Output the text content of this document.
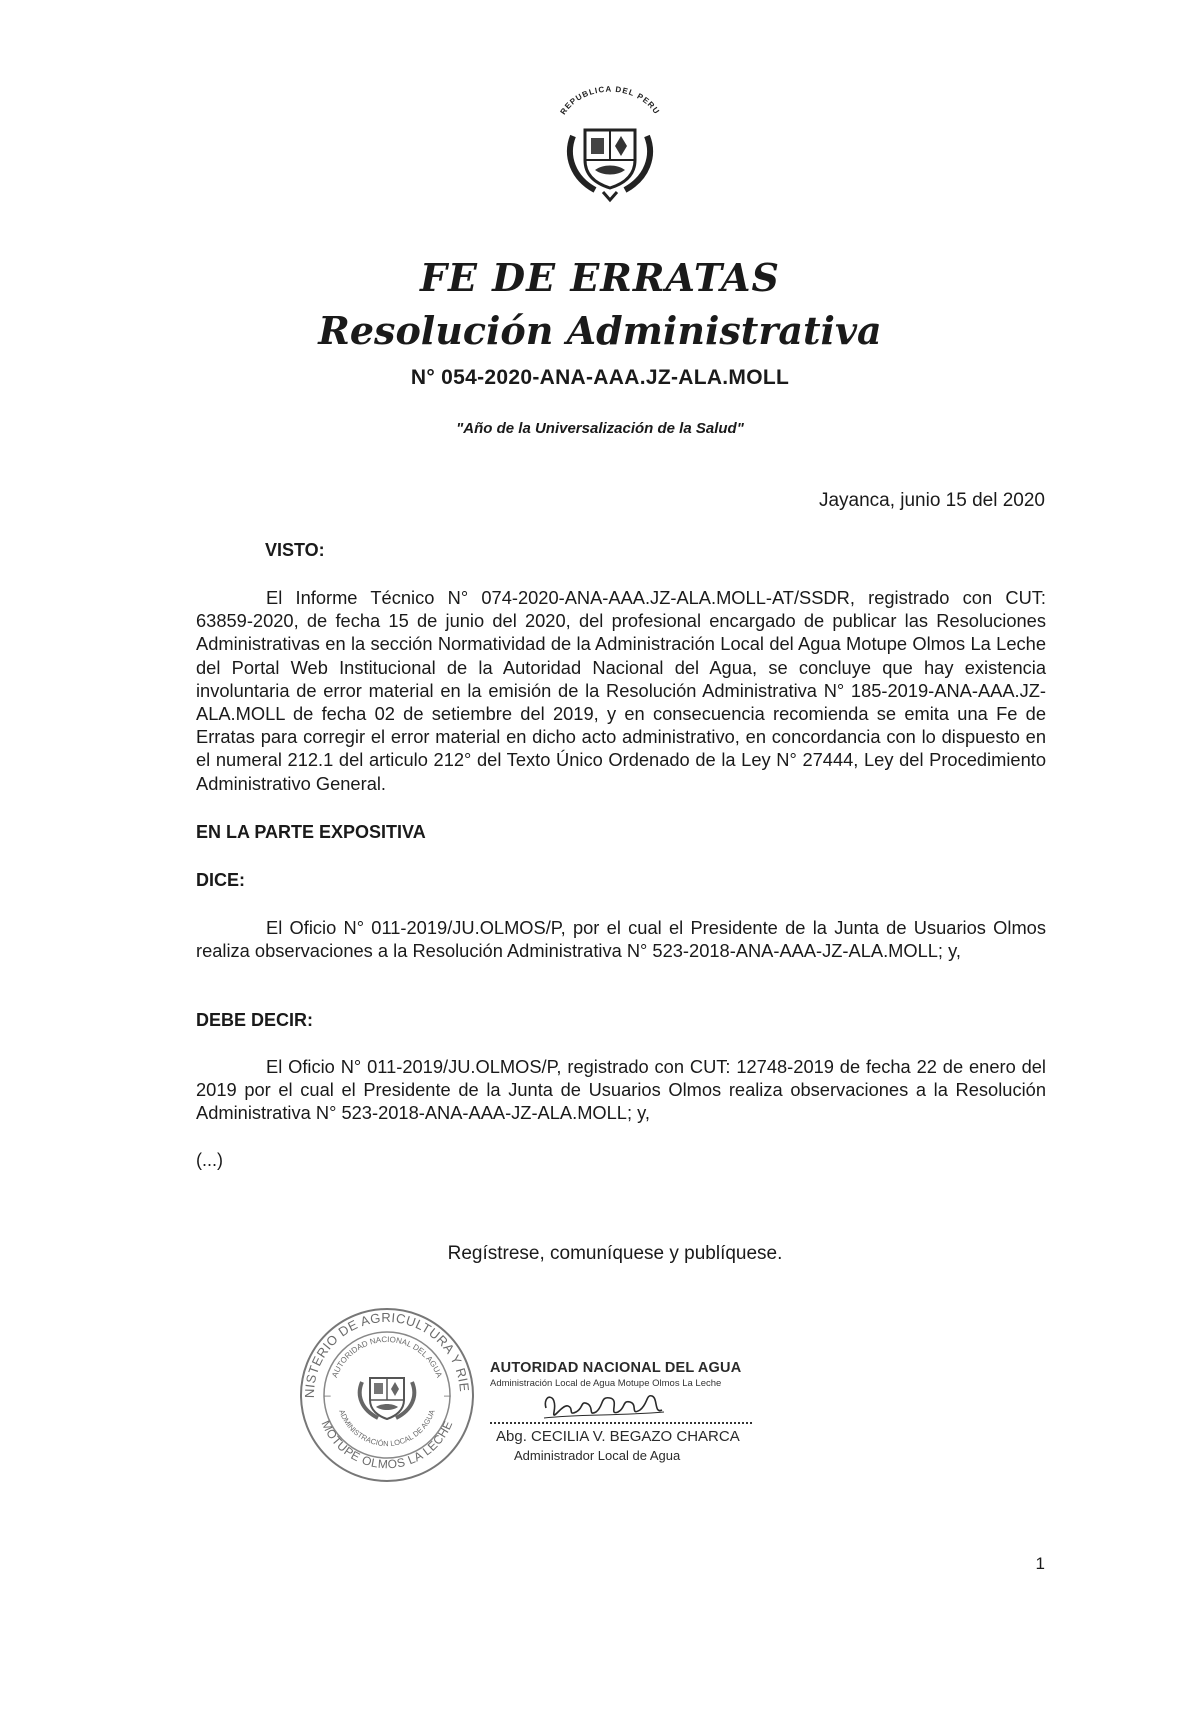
REPUBLICA DEL PERU
FE DE ERRATAS
Resolución Administrativa
N° 054-2020-ANA-AAA.JZ-ALA.MOLL
"Año de la Universalización de la Salud"
Jayanca, junio 15 del 2020
VISTO:
El Informe Técnico N° 074-2020-ANA-AAA.JZ-ALA.MOLL-AT/SSDR, registrado con CUT: 63859-2020, de fecha 15 de junio del 2020, del profesional encargado de publicar las Resoluciones Administrativas en la sección Normatividad de la Administración Local del Agua Motupe Olmos La Leche del Portal Web Institucional de la Autoridad Nacional del Agua, se concluye que hay existencia involuntaria de error material en la emisión de la Resolución Administrativa N° 185-2019-ANA-AAA.JZ-ALA.MOLL de fecha 02 de setiembre del 2019, y en consecuencia recomienda se emita una Fe de Erratas para corregir el error material en dicho acto administrativo, en concordancia con lo dispuesto en el numeral 212.1 del articulo 212° del Texto Único Ordenado de la Ley N° 27444, Ley del Procedimiento Administrativo General.
EN LA PARTE EXPOSITIVA
DICE:
El Oficio N° 011-2019/JU.OLMOS/P, por el cual el Presidente de la Junta de Usuarios Olmos realiza observaciones a la Resolución Administrativa N° 523-2018-ANA-AAA-JZ-ALA.MOLL; y,
DEBE DECIR:
El Oficio N° 011-2019/JU.OLMOS/P, registrado con CUT: 12748-2019 de fecha 22 de enero del 2019 por el cual el Presidente de la Junta de Usuarios Olmos realiza observaciones a la Resolución Administrativa N° 523-2018-ANA-AAA-JZ-ALA.MOLL; y,
(...)
Regístrese, comuníquese y publíquese.
NISTERIO DE AGRICULTURA Y RIE
AUTORIDAD NACIONAL DEL AGUA
ADMINISTRACIÓN LOCAL DE AGUA
MOTUPE OLMOS LA LECHE
–	–
AUTORIDAD NACIONAL DEL AGUA
Administración Local de Agua Motupe Olmos La Leche
Abg. CECILIA V. BEGAZO CHARCA
Administrador Local de Agua
1
